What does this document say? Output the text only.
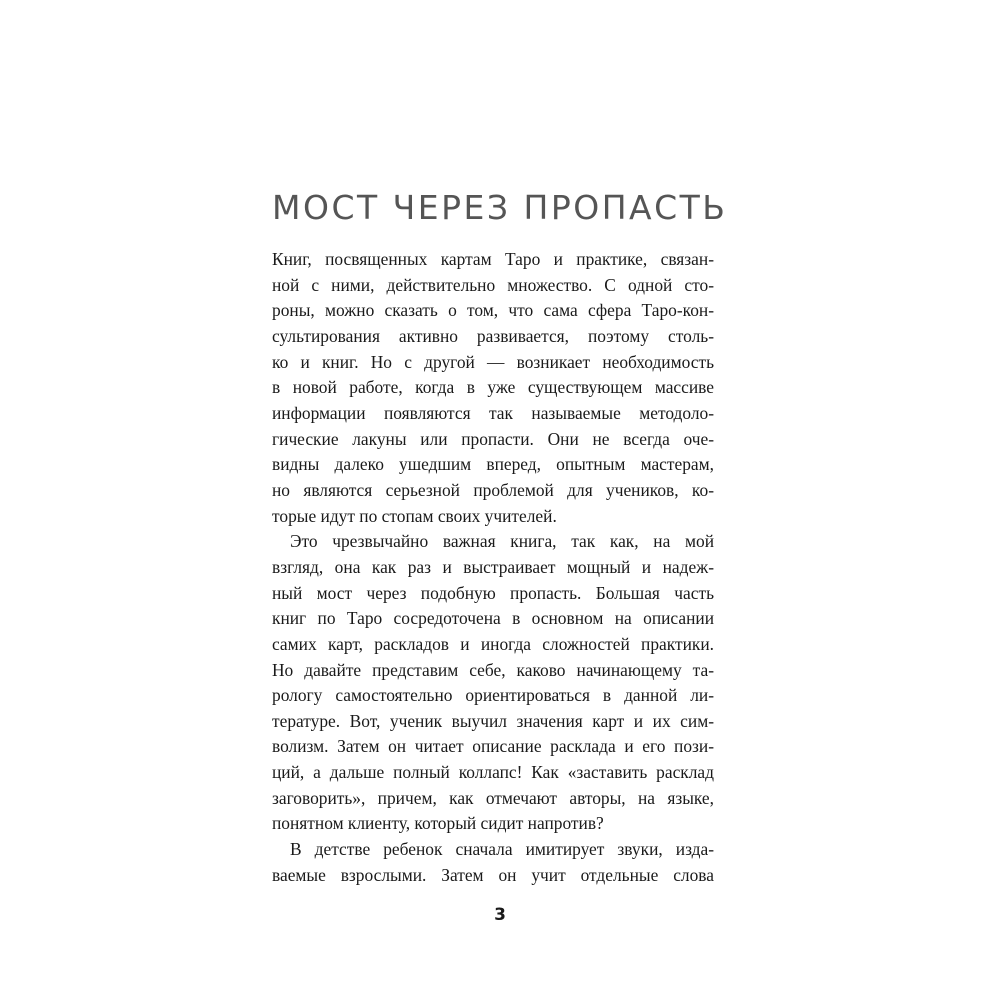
МОСТ ЧЕРЕЗ ПРОПАСТЬ
Книг, посвященных картам Таро и практике, связан-
ной с ними, действительно множество. С одной сто-
роны, можно сказать о том, что сама сфера Таро-кон-
сультирования активно развивается, поэтому столь-
ко и книг. Но с другой — возникает необходимость
в новой работе, когда в уже существующем массиве
информации появляются так называемые методоло-
гические лакуны или пропасти. Они не всегда оче-
видны далеко ушедшим вперед, опытным мастерам,
но являются серьезной проблемой для учеников, ко-
торые идут по стопам своих учителей.
Это чрезвычайно важная книга, так как, на мой
взгляд, она как раз и выстраивает мощный и надеж-
ный мост через подобную пропасть. Большая часть
книг по Таро сосредоточена в основном на описании
самих карт, раскладов и иногда сложностей практики.
Но давайте представим себе, каково начинающему та-
рологу самостоятельно ориентироваться в данной ли-
тературе. Вот, ученик выучил значения карт и их сим-
волизм. Затем он читает описание расклада и его пози-
ций, а дальше полный коллапс! Как «заставить расклад
заговорить», причем, как отмечают авторы, на языке,
понятном клиенту, который сидит напротив?
В детстве ребенок сначала имитирует звуки, изда-
ваемые взрослыми. Затем он учит отдельные слова
3
